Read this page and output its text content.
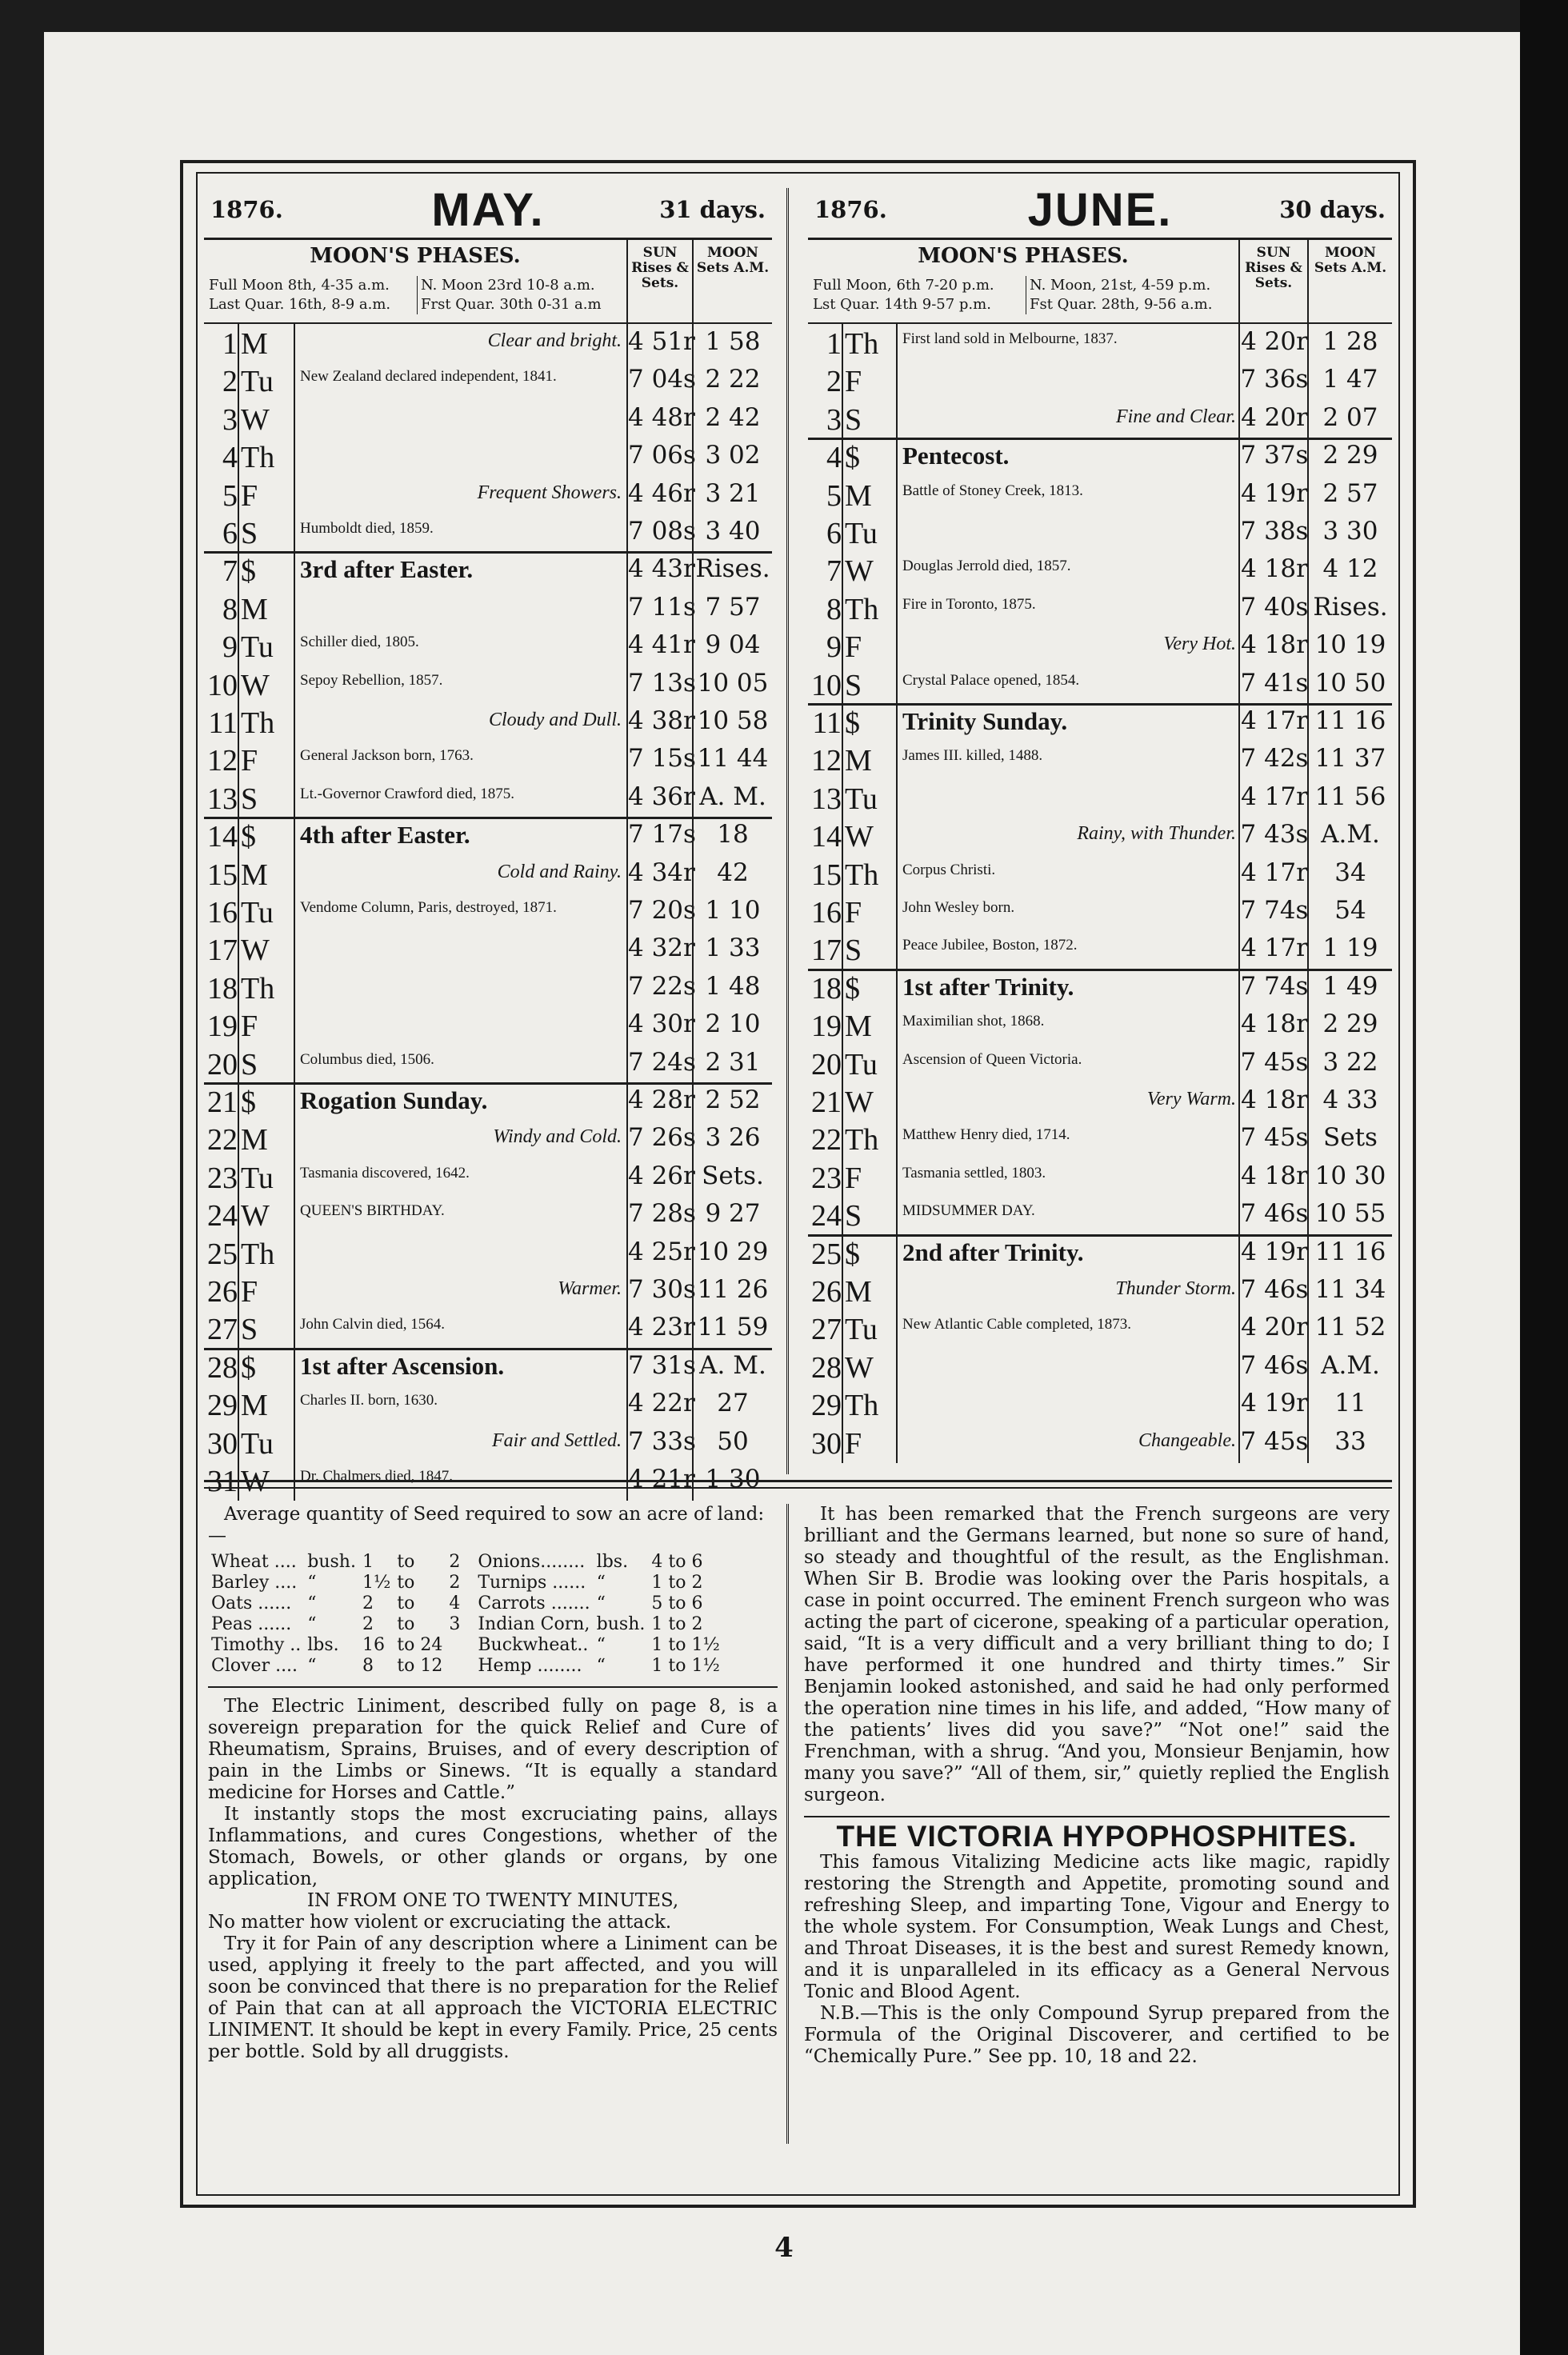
1876.	MAY.	31 days.
MOON'S PHASES.
Full Moon 8th, 4-35 a.m.
Last Quar. 16th, 8-9 a.m.
N. Moon 23rd 10-8 a.m.
Frst Quar. 30th 0-31 a.m
SUN Rises & Sets.
MOON Sets A.M.
1 M	Clear and bright. 4 51r 1 58
2 Tu New Zealand declared independent, 1841.	7 04s 2 22
3 W	4 48r 2 42
4 Th	7 06s 3 02
5 F	Frequent Showers. 4 46r 3 21
6 S	Humboldt died, 1859.	7 08s 3 40
7 $ 3rd after Easter.	4 43r Rises.
8 M	7 11s 7 57
9 Tu Schiller died, 1805.	4 41r 9 04
10 W Sepoy Rebellion, 1857.	7 13s 10 05
11 Th	Cloudy and Dull. 4 38r 10 58
12 F	General Jackson born, 1763.	7 15s 11 44
13 S	Lt.-Governor Crawford died, 1875.	4 36r A. M.
14 $ 4th after Easter.	7 17s 18
15 M	Cold and Rainy. 4 34r 42
16 Tu Vendome Column, Paris, destroyed, 1871.	7 20s 1 10
17 W	4 32r 1 33
18 Th	7 22s 1 48
19 F	4 30r 2 10
20 S	Columbus died, 1506.	7 24s 2 31
21 $ Rogation Sunday.	4 28r 2 52
22 M	Windy and Cold. 7 26s 3 26
23 Tu Tasmania discovered, 1642.	4 26r Sets.
24 W QUEEN'S BIRTHDAY.	7 28s 9 27
25 Th	4 25r 10 29
26 F	Warmer. 7 30s 11 26
27 S	John Calvin died, 1564.	4 23r 11 59
28 $ 1st after Ascension.	7 31s A. M.
29 M Charles II. born, 1630.	4 22r 27
30 Tu	Fair and Settled. 7 33s 50
31 W Dr. Chalmers died, 1847.	4 21r 1 30
1876.	JUNE.	30 days.
MOON'S PHASES.
Full Moon, 6th 7-20 p.m.
Lst Quar. 14th 9-57 p.m.
N. Moon, 21st, 4-59 p.m.
Fst Quar. 28th, 9-56 a.m.
SUN Rises & Sets.
MOON Sets A.M.
1 Th First land sold in Melbourne, 1837.	4 20r 1 28
2 F	7 36s 1 47
3 S	Fine and Clear. 4 20r 2 07
4 $ Pentecost.	7 37s 2 29
5 M Battle of Stoney Creek, 1813.	4 19r 2 57
6 Tu	7 38s 3 30
7 W Douglas Jerrold died, 1857.	4 18r 4 12
8 Th Fire in Toronto, 1875.	7 40s Rises.
9 F	Very Hot. 4 18r 10 19
10 S	Crystal Palace opened, 1854.	7 41s 10 50
11 $ Trinity Sunday.	4 17r 11 16
12 M James III. killed, 1488.	7 42s 11 37
13 Tu	4 17r 11 56
14 W	Rainy, with Thunder. 7 43s A.M.
15 Th Corpus Christi.	4 17r	34
16 F	John Wesley born.	7 74s	54
17 S	Peace Jubilee, Boston, 1872.	4 17r 1 19
18 $ 1st after Trinity.	7 74s 1 49
19 M Maximilian shot, 1868.	4 18r 2 29
20 Tu Ascension of Queen Victoria.	7 45s 3 22
21 W	Very Warm. 4 18r 4 33
22 Th Matthew Henry died, 1714.	7 45s Sets
23 F	Tasmania settled, 1803.	4 18r 10 30
24 S	MIDSUMMER DAY.	7 46s 10 55
25 $ 2nd after Trinity.	4 19r 11 16
26 M	Thunder Storm. 7 46s 11 34
27 Tu New Atlantic Cable completed, 1873.	4 20r 11 52
28 W	7 46s A.M.
29 Th	4 19r	11
30 F	Changeable. 7 45s	33

Average quantity of Seed required to sow an acre of land:—

Wheat ....	bush.	1	to	2	Onions........	lbs.	4 to 6
Barley ....	“	1½	to	2	Turnips ......	“	1 to 2
Oats ......	“	2	to	4	Carrots .......	“	5 to 6
Peas ......	“	2	to	3	Indian Corn,	bush.	1 to 2
Timothy ..	lbs.	16	to 24		Buckwheat..	“	1 to 1½
Clover ....	“	8	to 12		Hemp ........	“	1 to 1½

The Electric Liniment, described fully on page 8, is a sovereign preparation for the quick Relief and Cure of Rheumatism, Sprains, Bruises, and of every description of pain in the Limbs or Sinews. “It is equally a standard medicine for Horses and Cattle.”

It instantly stops the most excruciating pains, allays Inflammations, and cures Congestions, whether of the Stomach, Bowels, or other glands or organs, by one application,

IN FROM ONE TO TWENTY MINUTES,

No matter how violent or excruciating the attack.

Try it for Pain of any description where a Liniment can be used, applying it freely to the part affected, and you will soon be convinced that there is no preparation for the Relief of Pain that can at all approach the VICTORIA ELECTRIC LINIMENT. It should be kept in every Family. Price, 25 cents per bottle. Sold by all druggists.

It has been remarked that the French surgeons are very brilliant and the Germans learned, but none so sure of hand, so steady and thoughtful of the result, as the Englishman. When Sir B. Brodie was looking over the Paris hospitals, a case in point occurred. The eminent French surgeon who was acting the part of cicerone, speaking of a particular operation, said, “It is a very difficult and a very brilliant thing to do; I have performed it one hundred and thirty times.” Sir Benjamin looked astonished, and said he had only performed the operation nine times in his life, and added, “How many of the patients’ lives did you save?” “Not one!” said the Frenchman, with a shrug. “And you, Monsieur Benjamin, how many you save?” “All of them, sir,” quietly replied the English surgeon.

THE VICTORIA HYPOPHOSPHITES.

This famous Vitalizing Medicine acts like magic, rapidly restoring the Strength and Appetite, promoting sound and refreshing Sleep, and imparting Tone, Vigour and Energy to the whole system. For Consumption, Weak Lungs and Chest, and Throat Diseases, it is the best and surest Remedy known, and it is unparalleled in its efficacy as a General Nervous Tonic and Blood Agent.

N.B.—This is the only Compound Syrup prepared from the Formula of the Original Discoverer, and certified to be “Chemically Pure.” See pp. 10, 18 and 22.

4
